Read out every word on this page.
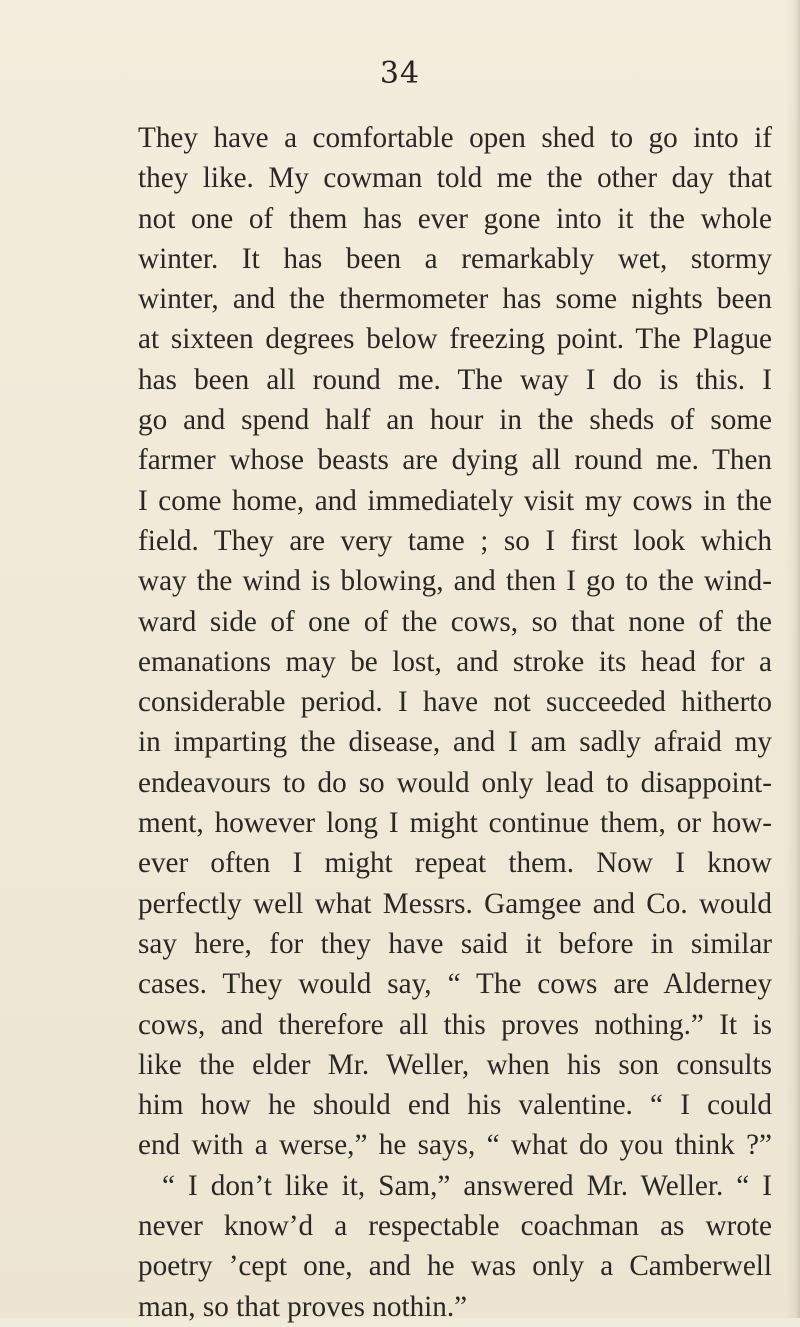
34
They have a comfortable open shed to go into if
they like. My cowman told me the other day that
not one of them has ever gone into it the whole
winter. It has been a remarkably wet, stormy
winter, and the thermometer has some nights been
at sixteen degrees below freezing point. The Plague
has been all round me. The way I do is this. I
go and spend half an hour in the sheds of some
farmer whose beasts are dying all round me. Then
I come home, and immediately visit my cows in the
field. They are very tame ; so I first look which
way the wind is blowing, and then I go to the wind-
ward side of one of the cows, so that none of the
emanations may be lost, and stroke its head for a
considerable period. I have not succeeded hitherto
in imparting the disease, and I am sadly afraid my
endeavours to do so would only lead to disappoint-
ment, however long I might continue them, or how-
ever often I might repeat them. Now I know
perfectly well what Messrs. Gamgee and Co. would
say here, for they have said it before in similar
cases. They would say, “ The cows are Alderney
cows, and therefore all this proves nothing.” It is
like the elder Mr. Weller, when his son consults
him how he should end his valentine. “ I could
end with a werse,” he says, “ what do you think ?”
“ I don’t like it, Sam,” answered Mr. Weller. “ I
never know’d a respectable coachman as wrote
poetry ’cept one, and he was only a Camberwell
man, so that proves nothin.”
